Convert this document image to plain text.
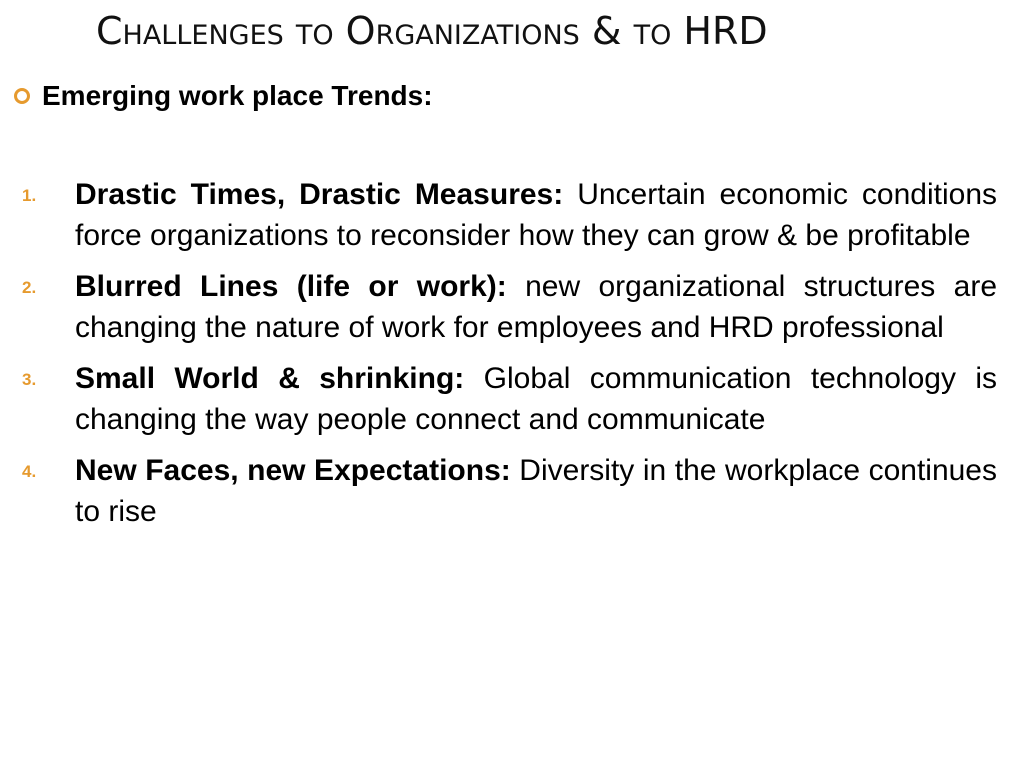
Challenges to Organizations & to HRD
Emerging work place Trends:
1. Drastic Times, Drastic Measures: Uncertain economic conditions force organizations to reconsider how they can grow & be profitable
2. Blurred Lines (life or work): new organizational structures are changing the nature of work for employees and HRD professional
3. Small World & shrinking: Global communication technology is changing the way people connect and communicate
4. New Faces, new Expectations: Diversity in the workplace continues to rise
